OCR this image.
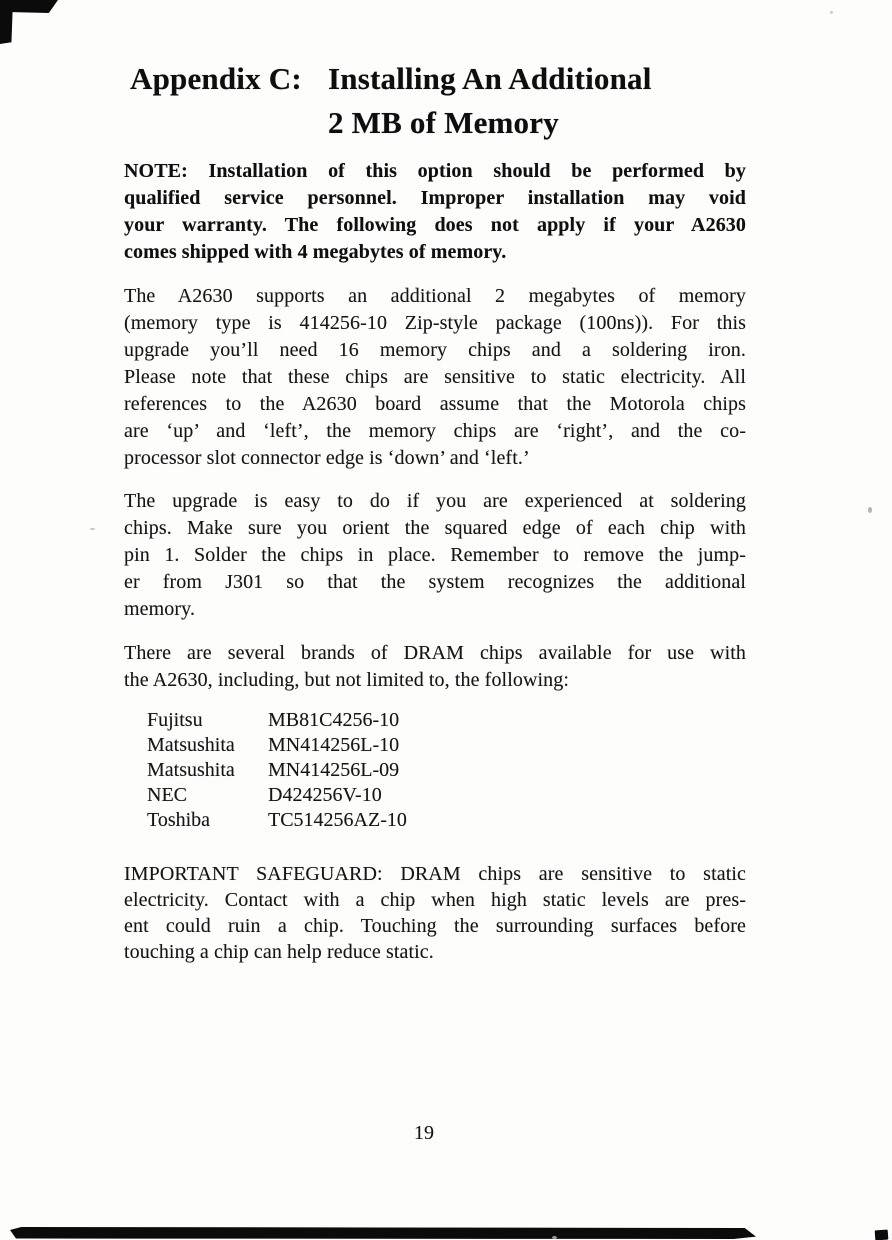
Appendix C: Installing An Additional
2 MB of Memory
NOTE: Installation of this option should be performed by
qualified service personnel. Improper installation may void
your warranty. The following does not apply if your A2630
comes shipped with 4 megabytes of memory.
The A2630 supports an additional 2 megabytes of memory
(memory type is 414256-10 Zip-style package (100ns)). For this
upgrade you’ll need 16 memory chips and a soldering iron.
Please note that these chips are sensitive to static electricity. All
references to the A2630 board assume that the Motorola chips
are ‘up’ and ‘left’, the memory chips are ‘right’, and the co-
processor slot connector edge is ‘down’ and ‘left.’
The upgrade is easy to do if you are experienced at soldering
chips. Make sure you orient the squared edge of each chip with
pin 1. Solder the chips in place. Remember to remove the jump-
er from J301 so that the system recognizes the additional
memory.
There are several brands of DRAM chips available for use with
the A2630, including, but not limited to, the following:
Fujitsu	MB81C4256-10
Matsushita	MN414256L-10
Matsushita	MN414256L-09
NEC	D424256V-10
Toshiba	TC514256AZ-10
IMPORTANT SAFEGUARD: DRAM chips are sensitive to static
electricity. Contact with a chip when high static levels are pres-
ent could ruin a chip. Touching the surrounding surfaces before
touching a chip can help reduce static.
19
